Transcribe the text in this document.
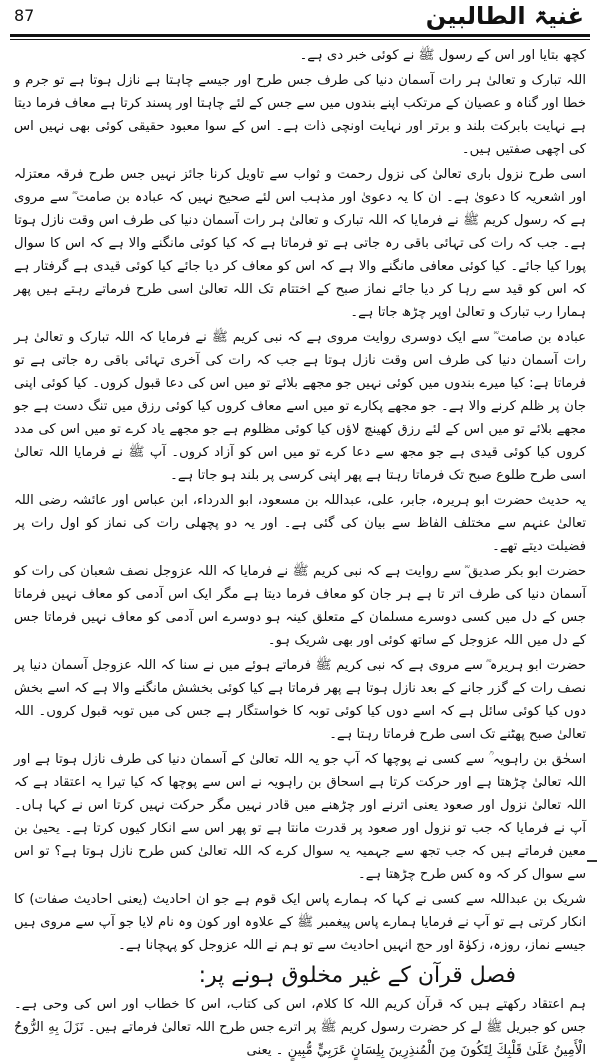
87	غنیۃ الطالبین

کچھ بتایا اور اس کے رسول ﷺ نے کوئی خبر دی ہے۔

اللہ تبارک و تعالیٰ ہر رات آسمان دنیا کی طرف جس طرح اور جیسے چاہتا ہے نازل ہوتا ہے تو جرم و خطا اور گناہ و عصیان کے مرتکب اپنے بندوں میں سے جس کے لئے چاہتا اور پسند کرتا ہے معاف فرما دیتا ہے نہایت بابرکت بلند و برتر اور نہایت اونچی ذات ہے۔ اس کے سوا معبود حقیقی کوئی بھی نہیں اس کی اچھی صفتیں ہیں۔

اسی طرح نزول باری تعالیٰ کی نزول رحمت و ثواب سے تاویل کرنا جائز نہیں جس طرح فرقہ معتزلہ اور اشعریہ کا دعویٰ ہے۔ ان کا یہ دعویٰ اور مذہب اس لئے صحیح نہیں کہ عبادہ بن صامت ؓ سے مروی ہے کہ رسول کریم ﷺ نے فرمایا کہ اللہ تبارک و تعالیٰ ہر رات آسمان دنیا کی طرف اس وقت نازل ہوتا ہے۔ جب کہ رات کی تہائی باقی رہ جاتی ہے تو فرماتا ہے کہ کیا کوئی مانگنے والا ہے کہ اس کا سوال پورا کیا جائے۔ کیا کوئی معافی مانگنے والا ہے کہ اس کو معاف کر دیا جائے کیا کوئی قیدی ہے گرفتار ہے کہ اس کو قید سے رہا کر دیا جائے نماز صبح کے اختتام تک اللہ تعالیٰ اسی طرح فرماتے رہتے ہیں پھر ہمارا رب تبارک و تعالیٰ اوپر چڑھ جاتا ہے۔

عبادہ بن صامت ؓ سے ایک دوسری روایت مروی ہے کہ نبی کریم ﷺ نے فرمایا کہ اللہ تبارک و تعالیٰ ہر رات آسمان دنیا کی طرف اس وقت نازل ہوتا ہے جب کہ رات کی آخری تہائی باقی رہ جاتی ہے تو فرماتا ہے: کیا میرے بندوں میں کوئی نہیں جو مجھے بلائے تو میں اس کی دعا قبول کروں۔ کیا کوئی اپنی جان پر ظلم کرنے والا ہے۔ جو مجھے پکارے تو میں اسے معاف کروں کیا کوئی رزق میں تنگ دست ہے جو مجھے بلائے تو میں اس کے لئے رزق کھینچ لاؤں کیا کوئی مظلوم ہے جو مجھے یاد کرے تو میں اس کی مدد کروں کیا کوئی قیدی ہے جو مجھ سے دعا کرے تو میں اس کو آزاد کروں۔ آپ ﷺ نے فرمایا اللہ تعالیٰ اسی طرح طلوع صبح تک فرماتا رہتا ہے پھر اپنی کرسی پر بلند ہو جاتا ہے۔

یہ حدیث حضرت ابو ہریرہ، جابر، علی، عبداللہ بن مسعود، ابو الدرداء، ابن عباس اور عائشہ رضی اللہ تعالیٰ عنہم سے مختلف الفاظ سے بیان کی گئی ہے۔ اور یہ دو پچھلی رات کی نماز کو اول رات پر فضیلت دیتے تھے۔

حضرت ابو بکر صدیق ؓ سے روایت ہے کہ نبی کریم ﷺ نے فرمایا کہ اللہ عزوجل نصف شعبان کی رات کو آسمان دنیا کی طرف اتر تا ہے ہر جان کو معاف فرما دیتا ہے مگر ایک اس آدمی کو معاف نہیں فرماتا جس کے دل میں کسی دوسرے مسلمان کے متعلق کینہ ہو دوسرے اس آدمی کو معاف نہیں فرماتا جس کے دل میں اللہ عزوجل کے ساتھ کوئی اور بھی شریک ہو۔

حضرت ابو ہریرہ ؓ سے مروی ہے کہ نبی کریم ﷺ فرماتے ہوئے میں نے سنا کہ اللہ عزوجل آسمان دنیا پر نصف رات کے گزر جانے کے بعد نازل ہوتا ہے پھر فرماتا ہے کیا کوئی بخشش مانگنے والا ہے کہ اسے بخش دوں کیا کوئی سائل ہے کہ اسے دوں کیا کوئی توبہ کا خواستگار ہے جس کی میں توبہ قبول کروں۔ اللہ تعالیٰ صبح پھٹنے تک اسی طرح فرماتا رہتا ہے۔

اسحٰق بن راہویہ ؒ سے کسی نے پوچھا کہ آپ جو یہ اللہ تعالیٰ کے آسمان دنیا کی طرف نازل ہوتا ہے اور اللہ تعالیٰ چڑھتا ہے اور حرکت کرتا ہے اسحاق بن راہویہ نے اس سے پوچھا کہ کیا تیرا یہ اعتقاد ہے کہ اللہ تعالیٰ نزول اور صعود یعنی اترنے اور چڑھنے میں قادر نہیں مگر حرکت نہیں کرتا اس نے کہا ہاں۔ آپ نے فرمایا کہ جب تو نزول اور صعود پر قدرت مانتا ہے تو پھر اس سے انکار کیوں کرتا ہے۔ یحییٰ بن معین فرماتے ہیں کہ جب تجھ سے جہمیہ یہ سوال کرے کہ اللہ تعالیٰ کس طرح نازل ہوتا ہے؟ تو اس سے سوال کر کہ وہ کس طرح چڑھتا ہے۔

شریک بن عبداللہ سے کسی نے کہا کہ ہمارے پاس ایک قوم ہے جو ان احادیث (یعنی احادیث صفات) کا انکار کرتی ہے تو آپ نے فرمایا ہمارے پاس پیغمبر ﷺ کے علاوہ اور کون وہ نام لایا جو آپ سے مروی ہیں جیسے نماز، روزہ، زکوٰۃ اور حج انہیں احادیث سے تو ہم نے اللہ عزوجل کو پہچانا ہے۔

فصل قرآن کے غیر مخلوق ہونے پر:

ہم اعتقاد رکھتے ہیں کہ قرآن کریم اللہ کا کلام، اس کی کتاب، اس کا خطاب اور اس کی وحی ہے۔ جس کو جبریل ﷺ لے کر حضرت رسول کریم ﷺ پر اترے جس طرح اللہ تعالیٰ فرماتے ہیں۔ نَزَلَ بِهِ الرُّوحُ الْأَمِينُ عَلَىٰ قَلْبِكَ لِتَكُونَ مِنَ الْمُنذِرِينَ بِلِسَانٍ عَرَبِيٍّ مُّبِينٍ ۔ یعنی
